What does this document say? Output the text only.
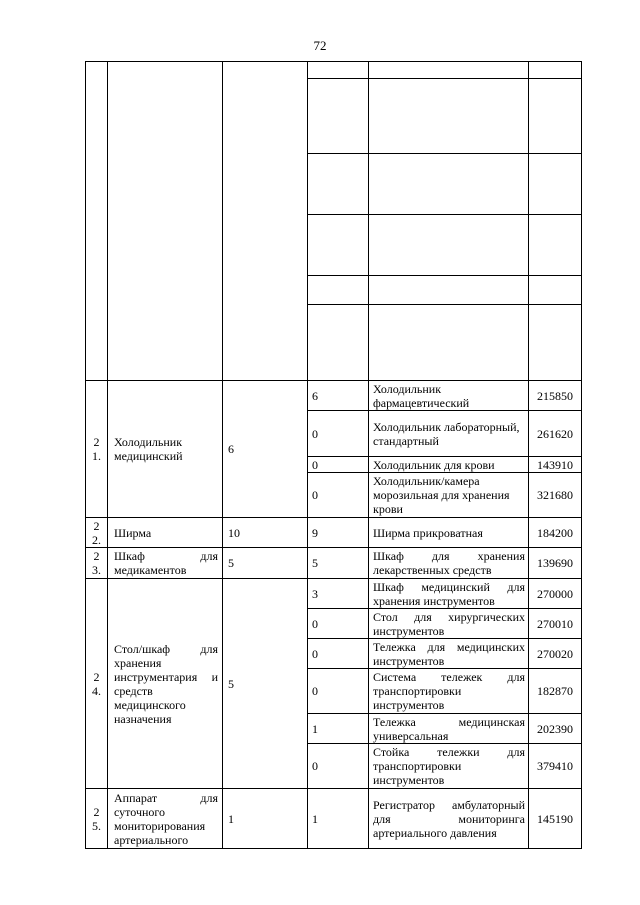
72

2
1.	Холодильник медицинский	6	6	Холодильник фармацевтический	215850
			0	Холодильник лабораторный, стандартный	261620
			0	Холодильник для крови	143910
			0	Холодильник/камера морозильная для хранения крови	321680

2
2.	Ширма	10	9	Ширма прикроватная	184200

2
3.	Шкаф для медикаментов	5	5	Шкаф для хранения лекарственных средств	139690

2
4.	Стол/шкаф для хранения инструментария и средств медицинского назначения	5	3	Шкаф медицинский для хранения инструментов	270000
			0	Стол для хирургических инструментов	270010
			0	Тележка для медицинских инструментов	270020
			0	Система тележек для транспортировки инструментов	182870
			1	Тележка медицинская универсальная	202390
			0	Стойка тележки для транспортировки инструментов	379410

2
5.	Аппарат для суточного мониторирования артериального	1	1	Регистратор амбулаторный для мониторинга артериального давления	145190
